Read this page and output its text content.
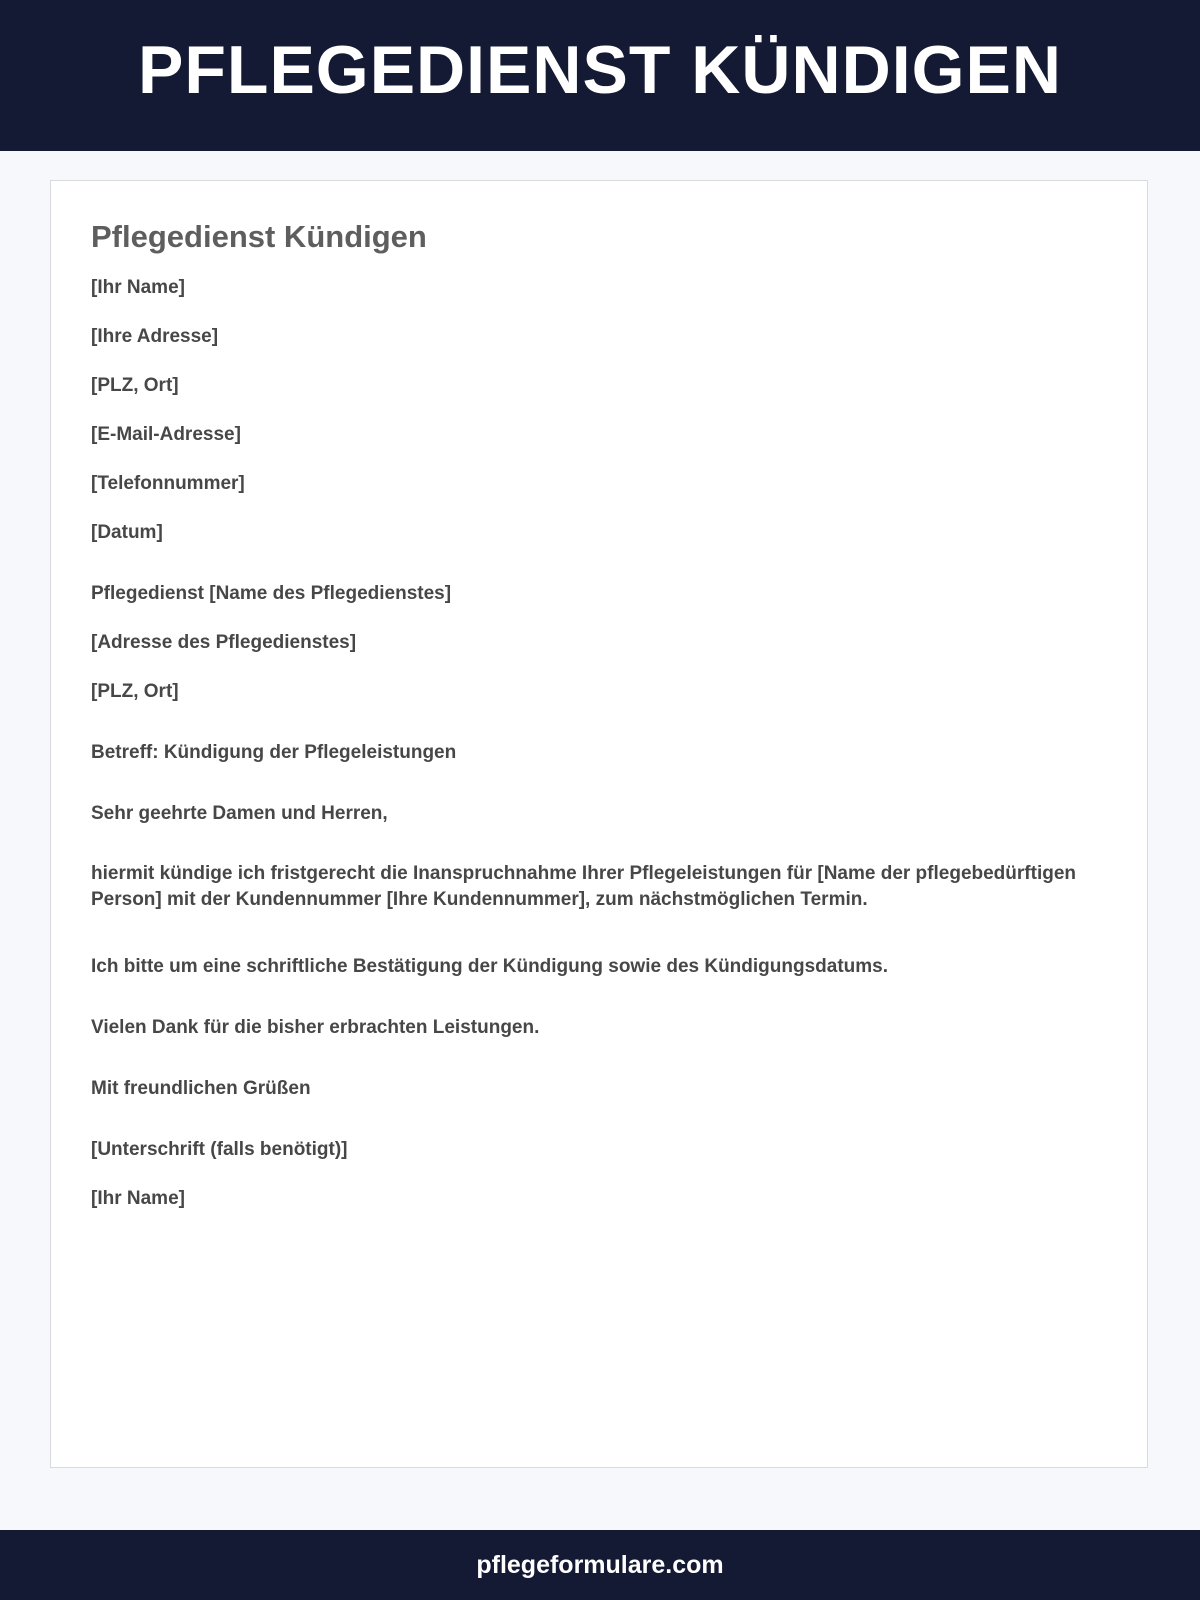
PFLEGEDIENST KÜNDIGEN
Pflegedienst Kündigen
[Ihr Name]
[Ihre Adresse]
[PLZ, Ort]
[E-Mail-Adresse]
[Telefonnummer]
[Datum]
Pflegedienst [Name des Pflegedienstes]
[Adresse des Pflegedienstes]
[PLZ, Ort]
Betreff: Kündigung der Pflegeleistungen
Sehr geehrte Damen und Herren,
hiermit kündige ich fristgerecht die Inanspruchnahme Ihrer Pflegeleistungen für [Name der pflegebedürftigen Person] mit der Kundennummer [Ihre Kundennummer], zum nächstmöglichen Termin.
Ich bitte um eine schriftliche Bestätigung der Kündigung sowie des Kündigungsdatums.
Vielen Dank für die bisher erbrachten Leistungen.
Mit freundlichen Grüßen
[Unterschrift (falls benötigt)]
[Ihr Name]
pflegeformulare.com
